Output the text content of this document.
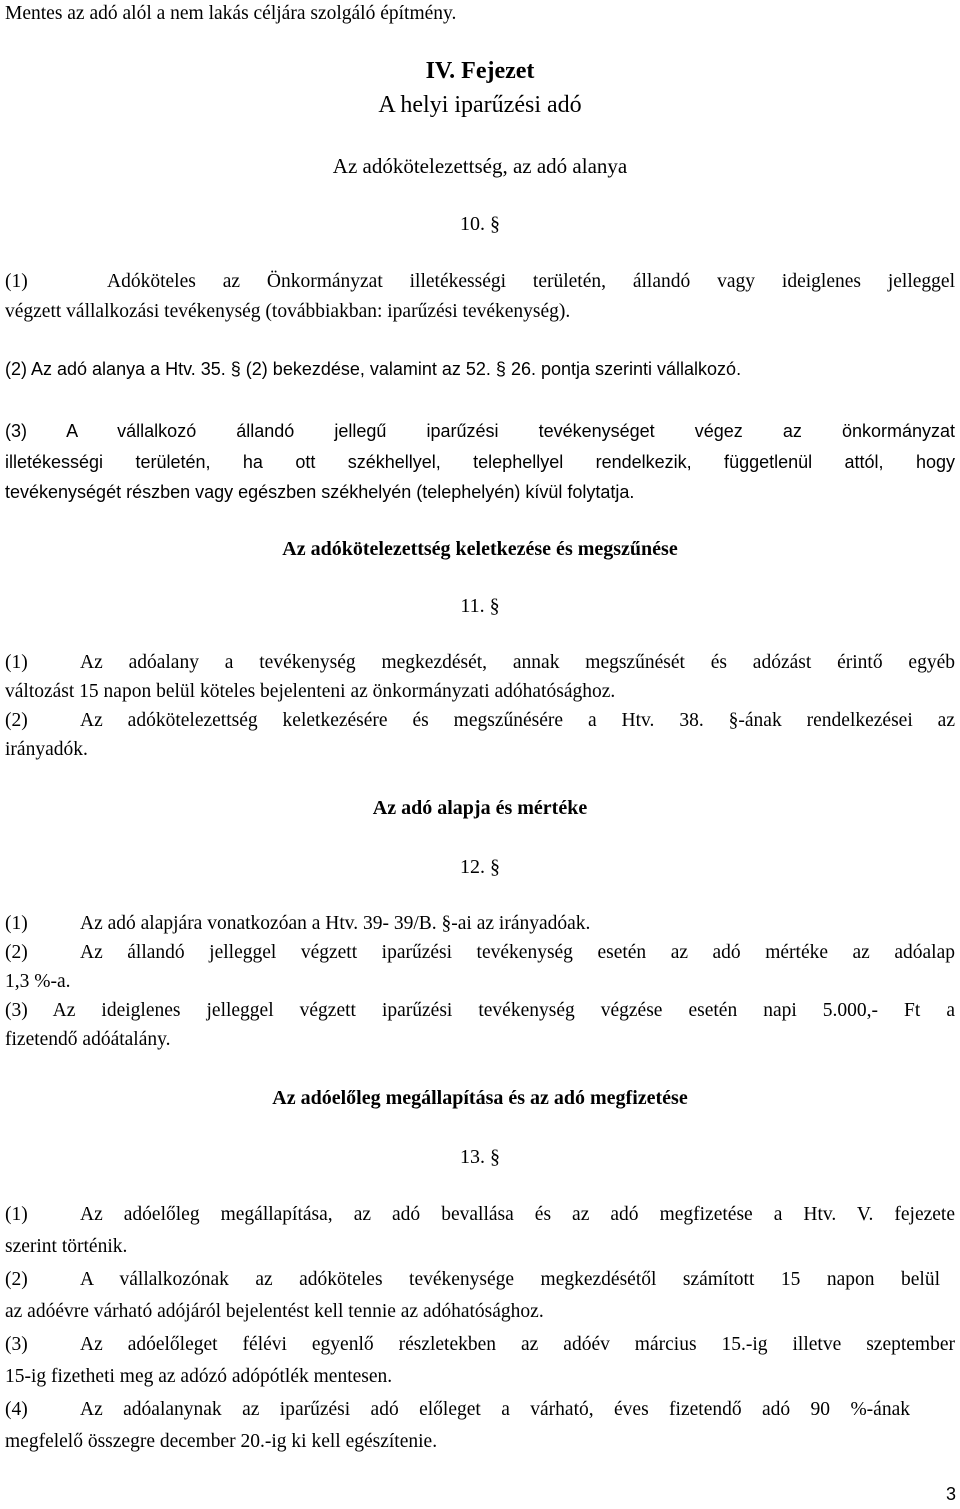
Mentes az adó alól a nem lakás céljára szolgáló építmény.
IV. Fejezet
A helyi iparűzési adó
Az adókötelezettség, az adó alanya
10. §
(1)	Adóköteles az Önkormányzat illetékességi területén, állandó vagy ideiglenes jelleggel
végzett vállalkozási tevékenység (továbbiakban: iparűzési tevékenység).
(2) Az adó alanya a Htv. 35. § (2) bekezdése, valamint az 52. § 26. pontja szerinti vállalkozó.
(3) A vállalkozó állandó jellegű iparűzési tevékenységet végez az önkormányzat
illetékességi területén, ha ott székhellyel, telephellyel rendelkezik, függetlenül attól, hogy
tevékenységét részben vagy egészben székhelyén (telephelyén) kívül folytatja.
Az adókötelezettség keletkezése és megszűnése
11. §
(1)	Az adóalany a tevékenység megkezdését, annak megszűnését és adózást érintő egyéb
változást 15 napon belül köteles bejelenteni az önkormányzati adóhatósághoz.
(2)	Az adókötelezettség keletkezésére és megszűnésére a Htv. 38. §-ának rendelkezései az
irányadók.
Az adó alapja és mértéke
12. §
(1)	Az adó alapjára vonatkozóan a Htv. 39- 39/B. §-ai az irányadóak.
(2)	Az állandó jelleggel végzett iparűzési tevékenység esetén az adó mértéke az adóalap
1,3 %-a.
(3) Az ideiglenes jelleggel végzett iparűzési tevékenység végzése esetén napi 5.000,- Ft a
fizetendő adóátalány.
Az adóelőleg megállapítása és az adó megfizetése
13. §
(1)	Az adóelőleg megállapítása, az adó bevallása és az adó megfizetése a Htv. V. fejezete
szerint történik.
(2)	A vállalkozónak az adóköteles tevékenysége megkezdésétől számított 15 napon belül
az adóévre várható adójáról bejelentést kell tennie az adóhatósághoz.
(3)	Az adóelőleget félévi egyenlő részletekben az adóév március 15.-ig illetve szeptember
15-ig fizetheti meg az adózó adópótlék mentesen.
(4)	Az adóalanynak az iparűzési adó előleget a várható, éves fizetendő adó 90 %-ának
megfelelő összegre december 20.-ig ki kell egészítenie.
3
